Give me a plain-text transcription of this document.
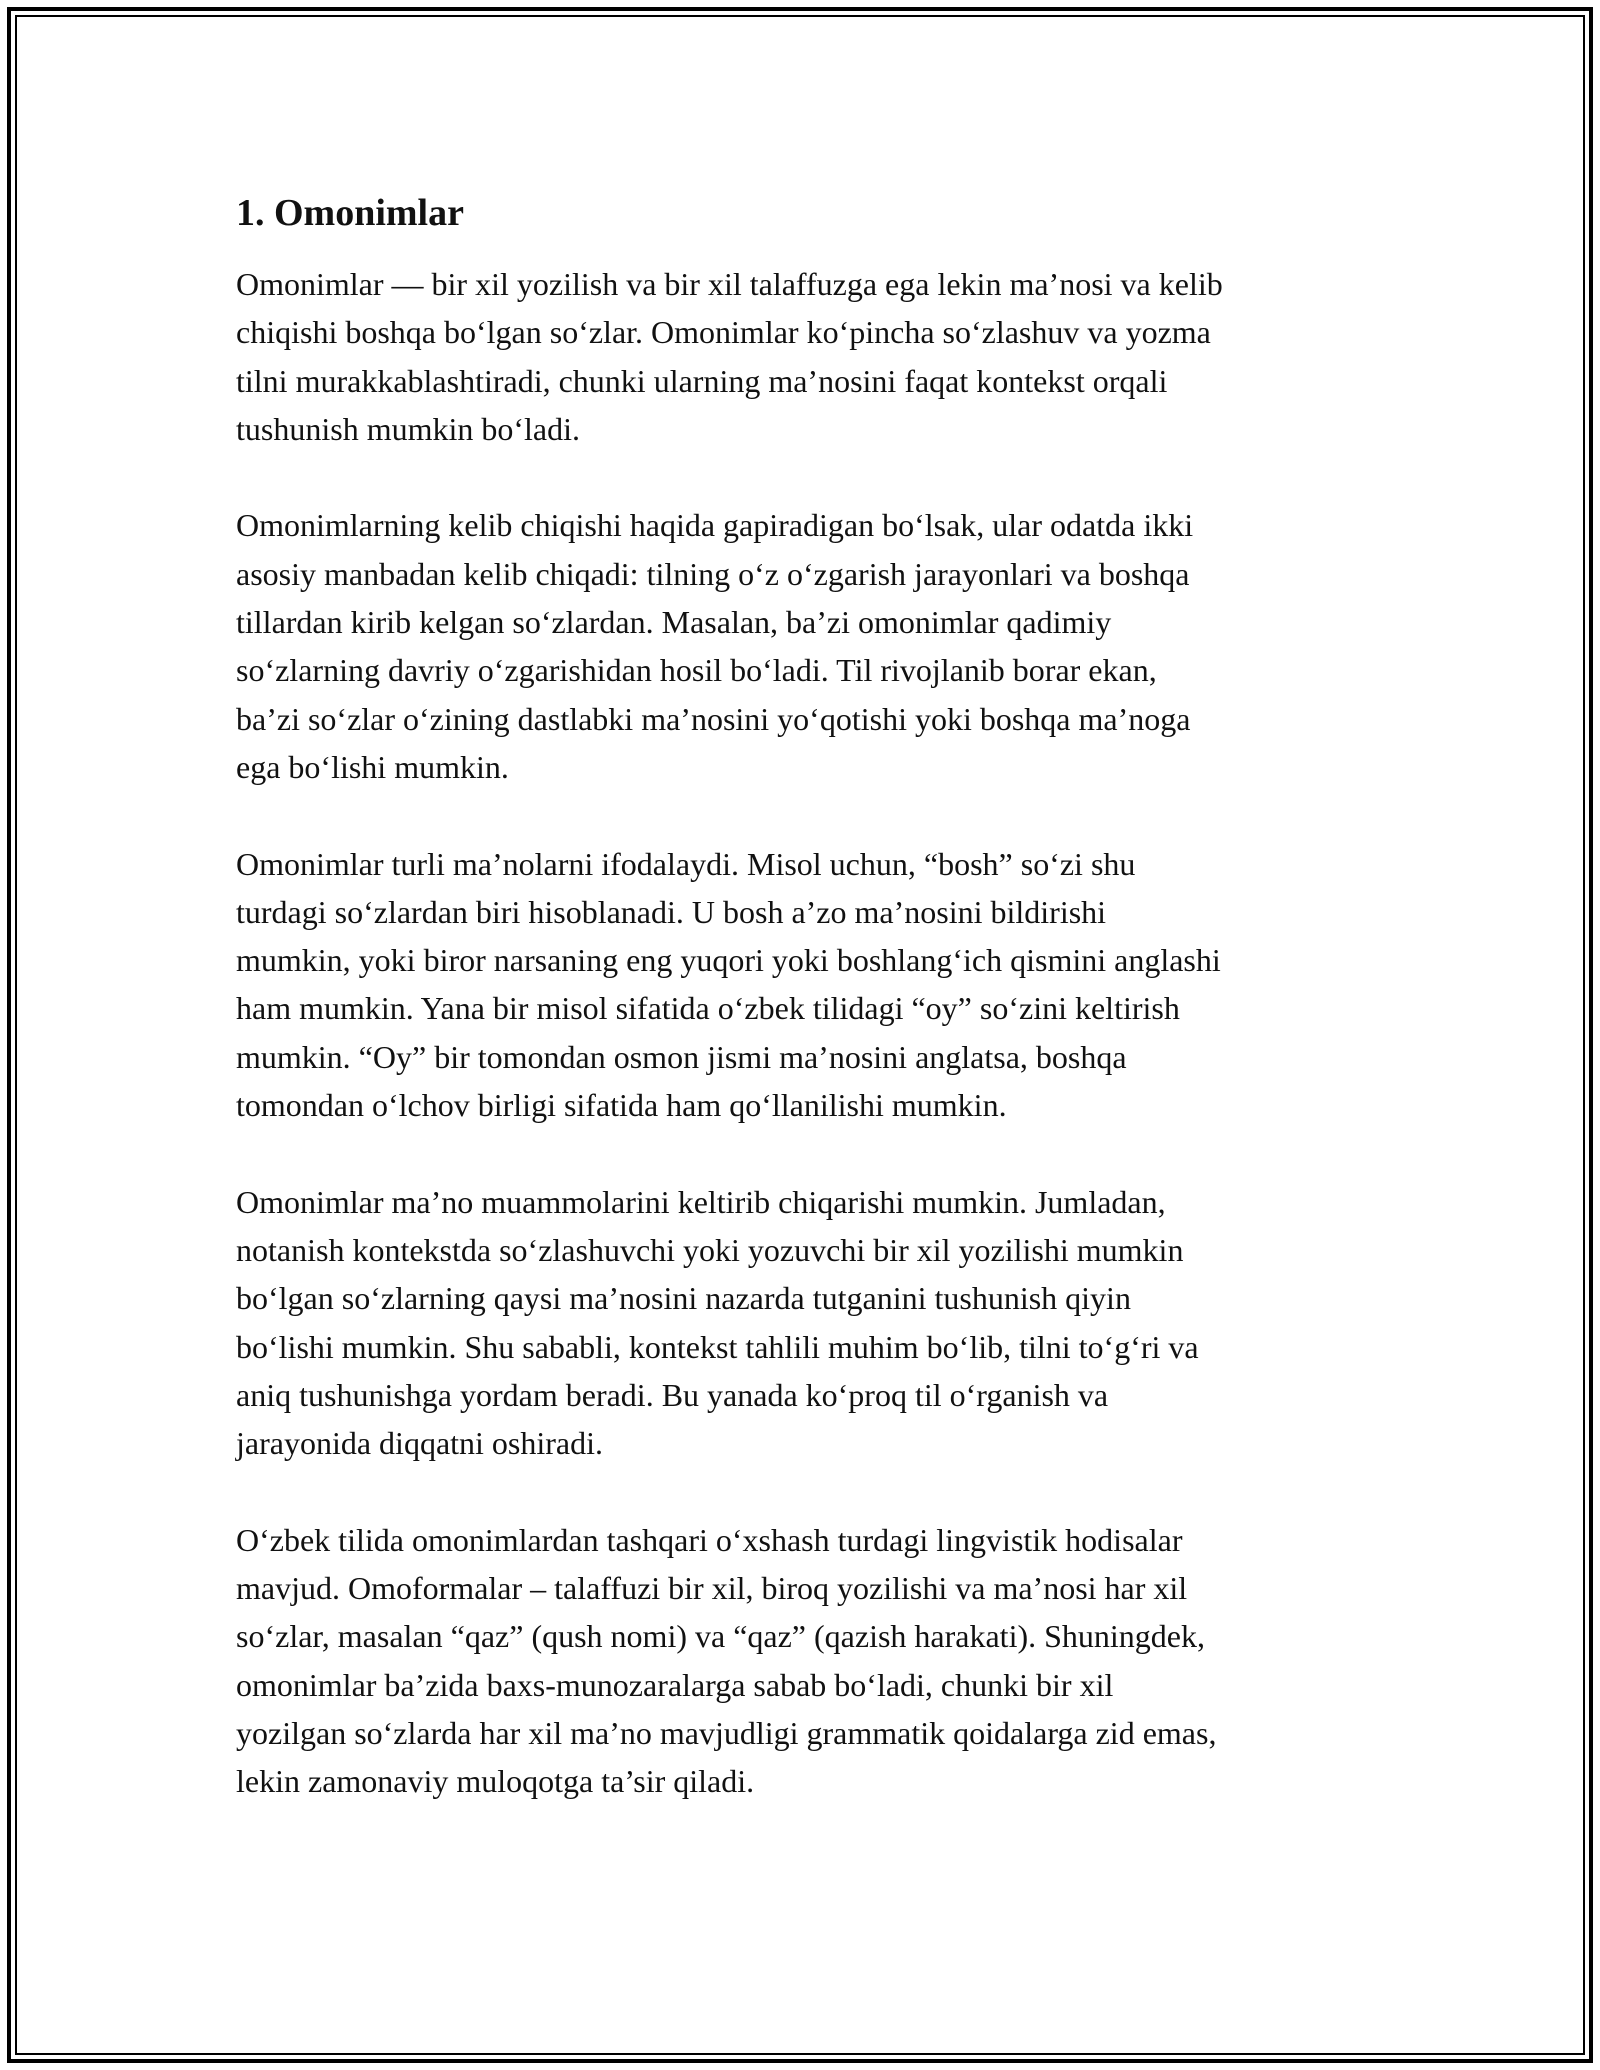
1. Omonimlar

Omonimlar — bir xil yozilish va bir xil talaffuzga ega lekin ma’nosi va kelib
chiqishi boshqa bo‘lgan so‘zlar. Omonimlar ko‘pincha so‘zlashuv va yozma
tilni murakkablashtiradi, chunki ularning ma’nosini faqat kontekst orqali
tushunish mumkin bo‘ladi.

Omonimlarning kelib chiqishi haqida gapiradigan bo‘lsak, ular odatda ikki
asosiy manbadan kelib chiqadi: tilning o‘z o‘zgarish jarayonlari va boshqa
tillardan kirib kelgan so‘zlardan. Masalan, ba’zi omonimlar qadimiy
so‘zlarning davriy o‘zgarishidan hosil bo‘ladi. Til rivojlanib borar ekan,
ba’zi so‘zlar o‘zining dastlabki ma’nosini yo‘qotishi yoki boshqa ma’noga
ega bo‘lishi mumkin.

Omonimlar turli ma’nolarni ifodalaydi. Misol uchun, “bosh” so‘zi shu
turdagi so‘zlardan biri hisoblanadi. U bosh a’zo ma’nosini bildirishi
mumkin, yoki biror narsaning eng yuqori yoki boshlang‘ich qismini anglashi
ham mumkin. Yana bir misol sifatida o‘zbek tilidagi “oy” so‘zini keltirish
mumkin. “Oy” bir tomondan osmon jismi ma’nosini anglatsa, boshqa
tomondan o‘lchov birligi sifatida ham qo‘llanilishi mumkin.

Omonimlar ma’no muammolarini keltirib chiqarishi mumkin. Jumladan,
notanish kontekstda so‘zlashuvchi yoki yozuvchi bir xil yozilishi mumkin
bo‘lgan so‘zlarning qaysi ma’nosini nazarda tutganini tushunish qiyin
bo‘lishi mumkin. Shu sababli, kontekst tahlili muhim bo‘lib, tilni to‘g‘ri va
aniq tushunishga yordam beradi. Bu yanada ko‘proq til o‘rganish va
jarayonida diqqatni oshiradi.

O‘zbek tilida omonimlardan tashqari o‘xshash turdagi lingvistik hodisalar
mavjud. Omoformalar – talaffuzi bir xil, biroq yozilishi va ma’nosi har xil
so‘zlar, masalan “qaz” (qush nomi) va “qaz” (qazish harakati). Shuningdek,
omonimlar ba’zida baxs-munozaralarga sabab bo‘ladi, chunki bir xil
yozilgan so‘zlarda har xil ma’no mavjudligi grammatik qoidalarga zid emas,
lekin zamonaviy muloqotga ta’sir qiladi.
